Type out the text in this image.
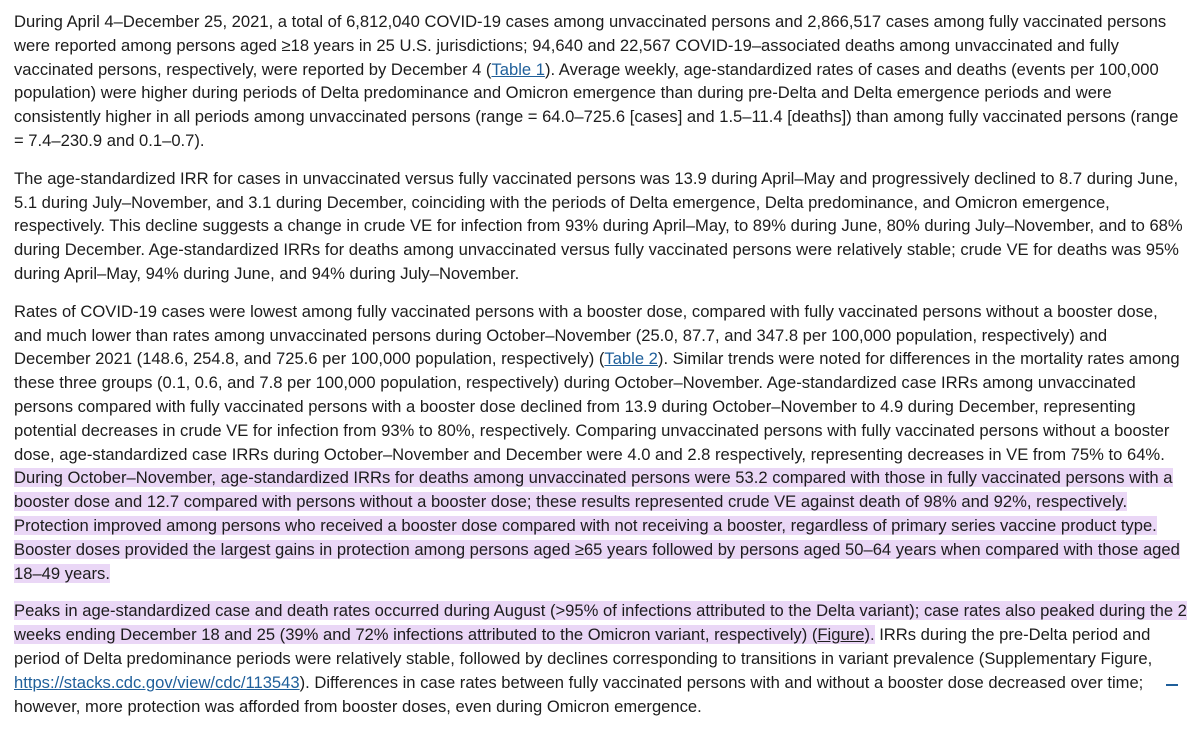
During April 4–December 25, 2021, a total of 6,812,040 COVID-19 cases among unvaccinated persons and 2,866,517 cases among fully vaccinated persons were reported among persons aged ≥18 years in 25 U.S. jurisdictions; 94,640 and 22,567 COVID-19–associated deaths among unvaccinated and fully vaccinated persons, respectively, were reported by December 4 (Table 1). Average weekly, age-standardized rates of cases and deaths (events per 100,000 population) were higher during periods of Delta predominance and Omicron emergence than during pre-Delta and Delta emergence periods and were consistently higher in all periods among unvaccinated persons (range = 64.0–725.6 [cases] and 1.5–11.4 [deaths]) than among fully vaccinated persons (range = 7.4–230.9 and 0.1–0.7).

The age-standardized IRR for cases in unvaccinated versus fully vaccinated persons was 13.9 during April–May and progressively declined to 8.7 during June, 5.1 during July–November, and 3.1 during December, coinciding with the periods of Delta emergence, Delta predominance, and Omicron emergence, respectively. This decline suggests a change in crude VE for infection from 93% during April–May, to 89% during June, 80% during July–November, and to 68% during December. Age-standardized IRRs for deaths among unvaccinated versus fully vaccinated persons were relatively stable; crude VE for deaths was 95% during April–May, 94% during June, and 94% during July–November.

Rates of COVID-19 cases were lowest among fully vaccinated persons with a booster dose, compared with fully vaccinated persons without a booster dose, and much lower than rates among unvaccinated persons during October–November (25.0, 87.7, and 347.8 per 100,000 population, respectively) and December 2021 (148.6, 254.8, and 725.6 per 100,000 population, respectively) (Table 2). Similar trends were noted for differences in the mortality rates among these three groups (0.1, 0.6, and 7.8 per 100,000 population, respectively) during October–November. Age-standardized case IRRs among unvaccinated persons compared with fully vaccinated persons with a booster dose declined from 13.9 during October–November to 4.9 during December, representing potential decreases in crude VE for infection from 93% to 80%, respectively. Comparing unvaccinated persons with fully vaccinated persons without a booster dose, age-standardized case IRRs during October–November and December were 4.0 and 2.8 respectively, representing decreases in VE from 75% to 64%. During October–November, age-standardized IRRs for deaths among unvaccinated persons were 53.2 compared with those in fully vaccinated persons with a booster dose and 12.7 compared with persons without a booster dose; these results represented crude VE against death of 98% and 92%, respectively. Protection improved among persons who received a booster dose compared with not receiving a booster, regardless of primary series vaccine product type. Booster doses provided the largest gains in protection among persons aged ≥65 years followed by persons aged 50–64 years when compared with those aged 18–49 years.

Peaks in age-standardized case and death rates occurred during August (>95% of infections attributed to the Delta variant); case rates also peaked during the 2 weeks ending December 18 and 25 (39% and 72% infections attributed to the Omicron variant, respectively) (Figure). IRRs during the pre-Delta period and period of Delta predominance periods were relatively stable, followed by declines corresponding to transitions in variant prevalence (Supplementary Figure, https://stacks.cdc.gov/view/cdc/113543). Differences in case rates between fully vaccinated persons with and without a booster dose decreased over time; however, more protection was afforded from booster doses, even during Omicron emergence.
